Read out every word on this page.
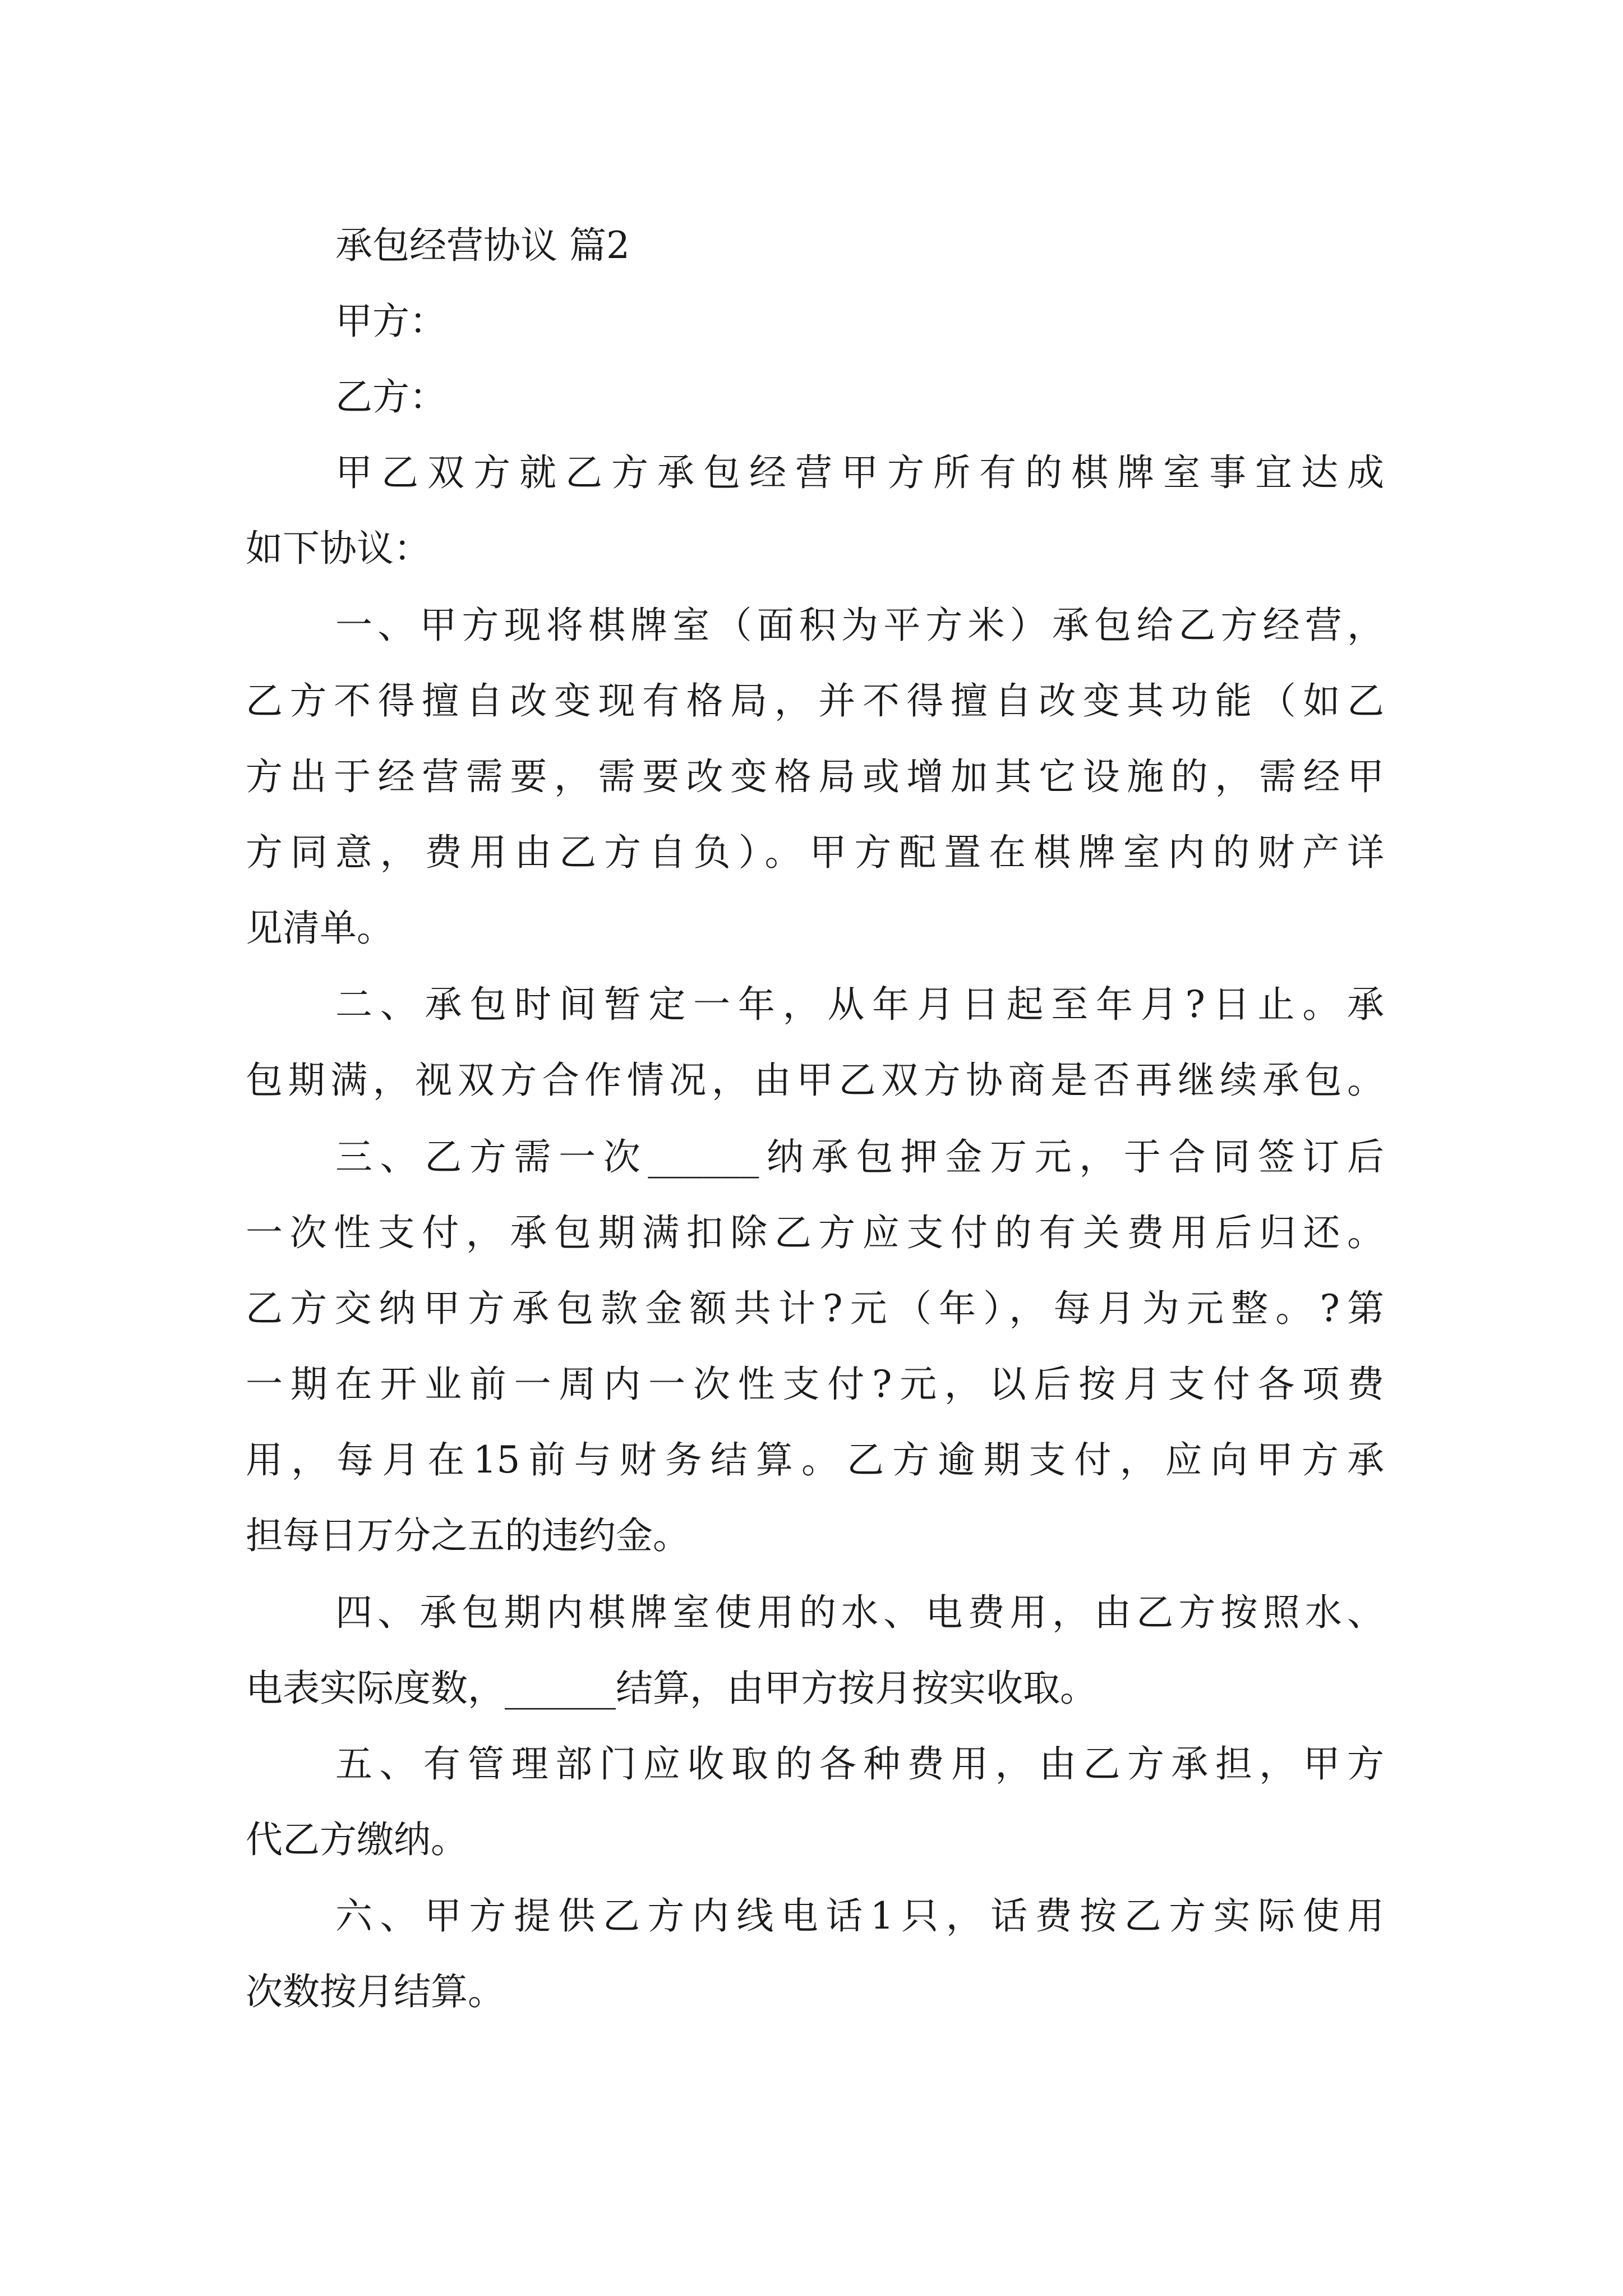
承包经营协议 篇2
甲方：
乙方：
甲乙双方就乙方承包经营甲方所有的棋牌室事宜达成
如下协议：
一、甲方现将棋牌室（面积为平方米）承包给乙方经营，
乙方不得擅自改变现有格局，并不得擅自改变其功能（如乙
方出于经营需要，需要改变格局或增加其它设施的，需经甲
方同意，费用由乙方自负）。甲方配置在棋牌室内的财产详
见清单。
二、承包时间暂定一年，从年月日起至年月?日止。承
包期满，视双方合作情况，由甲乙双方协商是否再继续承包。
三、乙方需一次______纳承包押金万元，于合同签订后
一次性支付，承包期满扣除乙方应支付的有关费用后归还。
乙方交纳甲方承包款金额共计?元（年），每月为元整。?第
一期在开业前一周内一次性支付?元，以后按月支付各项费
用，每月在15前与财务结算。乙方逾期支付，应向甲方承
担每日万分之五的违约金。
四、承包期内棋牌室使用的水、电费用，由乙方按照水、
电表实际度数，______结算，由甲方按月按实收取。
五、有管理部门应收取的各种费用，由乙方承担，甲方
代乙方缴纳。
六、甲方提供乙方内线电话1只，话费按乙方实际使用
次数按月结算。
